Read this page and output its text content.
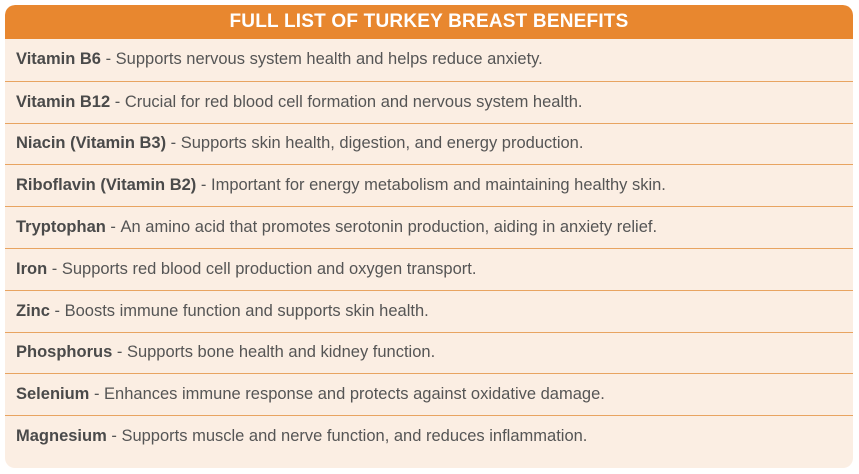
FULL LIST OF TURKEY BREAST BENEFITS
Vitamin B6 - Supports nervous system health and helps reduce anxiety.
Vitamin B12 - Crucial for red blood cell formation and nervous system health.
Niacin (Vitamin B3) - Supports skin health, digestion, and energy production.
Riboflavin (Vitamin B2) - Important for energy metabolism and maintaining healthy skin.
Tryptophan - An amino acid that promotes serotonin production, aiding in anxiety relief.
Iron - Supports red blood cell production and oxygen transport.
Zinc - Boosts immune function and supports skin health.
Phosphorus - Supports bone health and kidney function.
Selenium - Enhances immune response and protects against oxidative damage.
Magnesium - Supports muscle and nerve function, and reduces inflammation.
